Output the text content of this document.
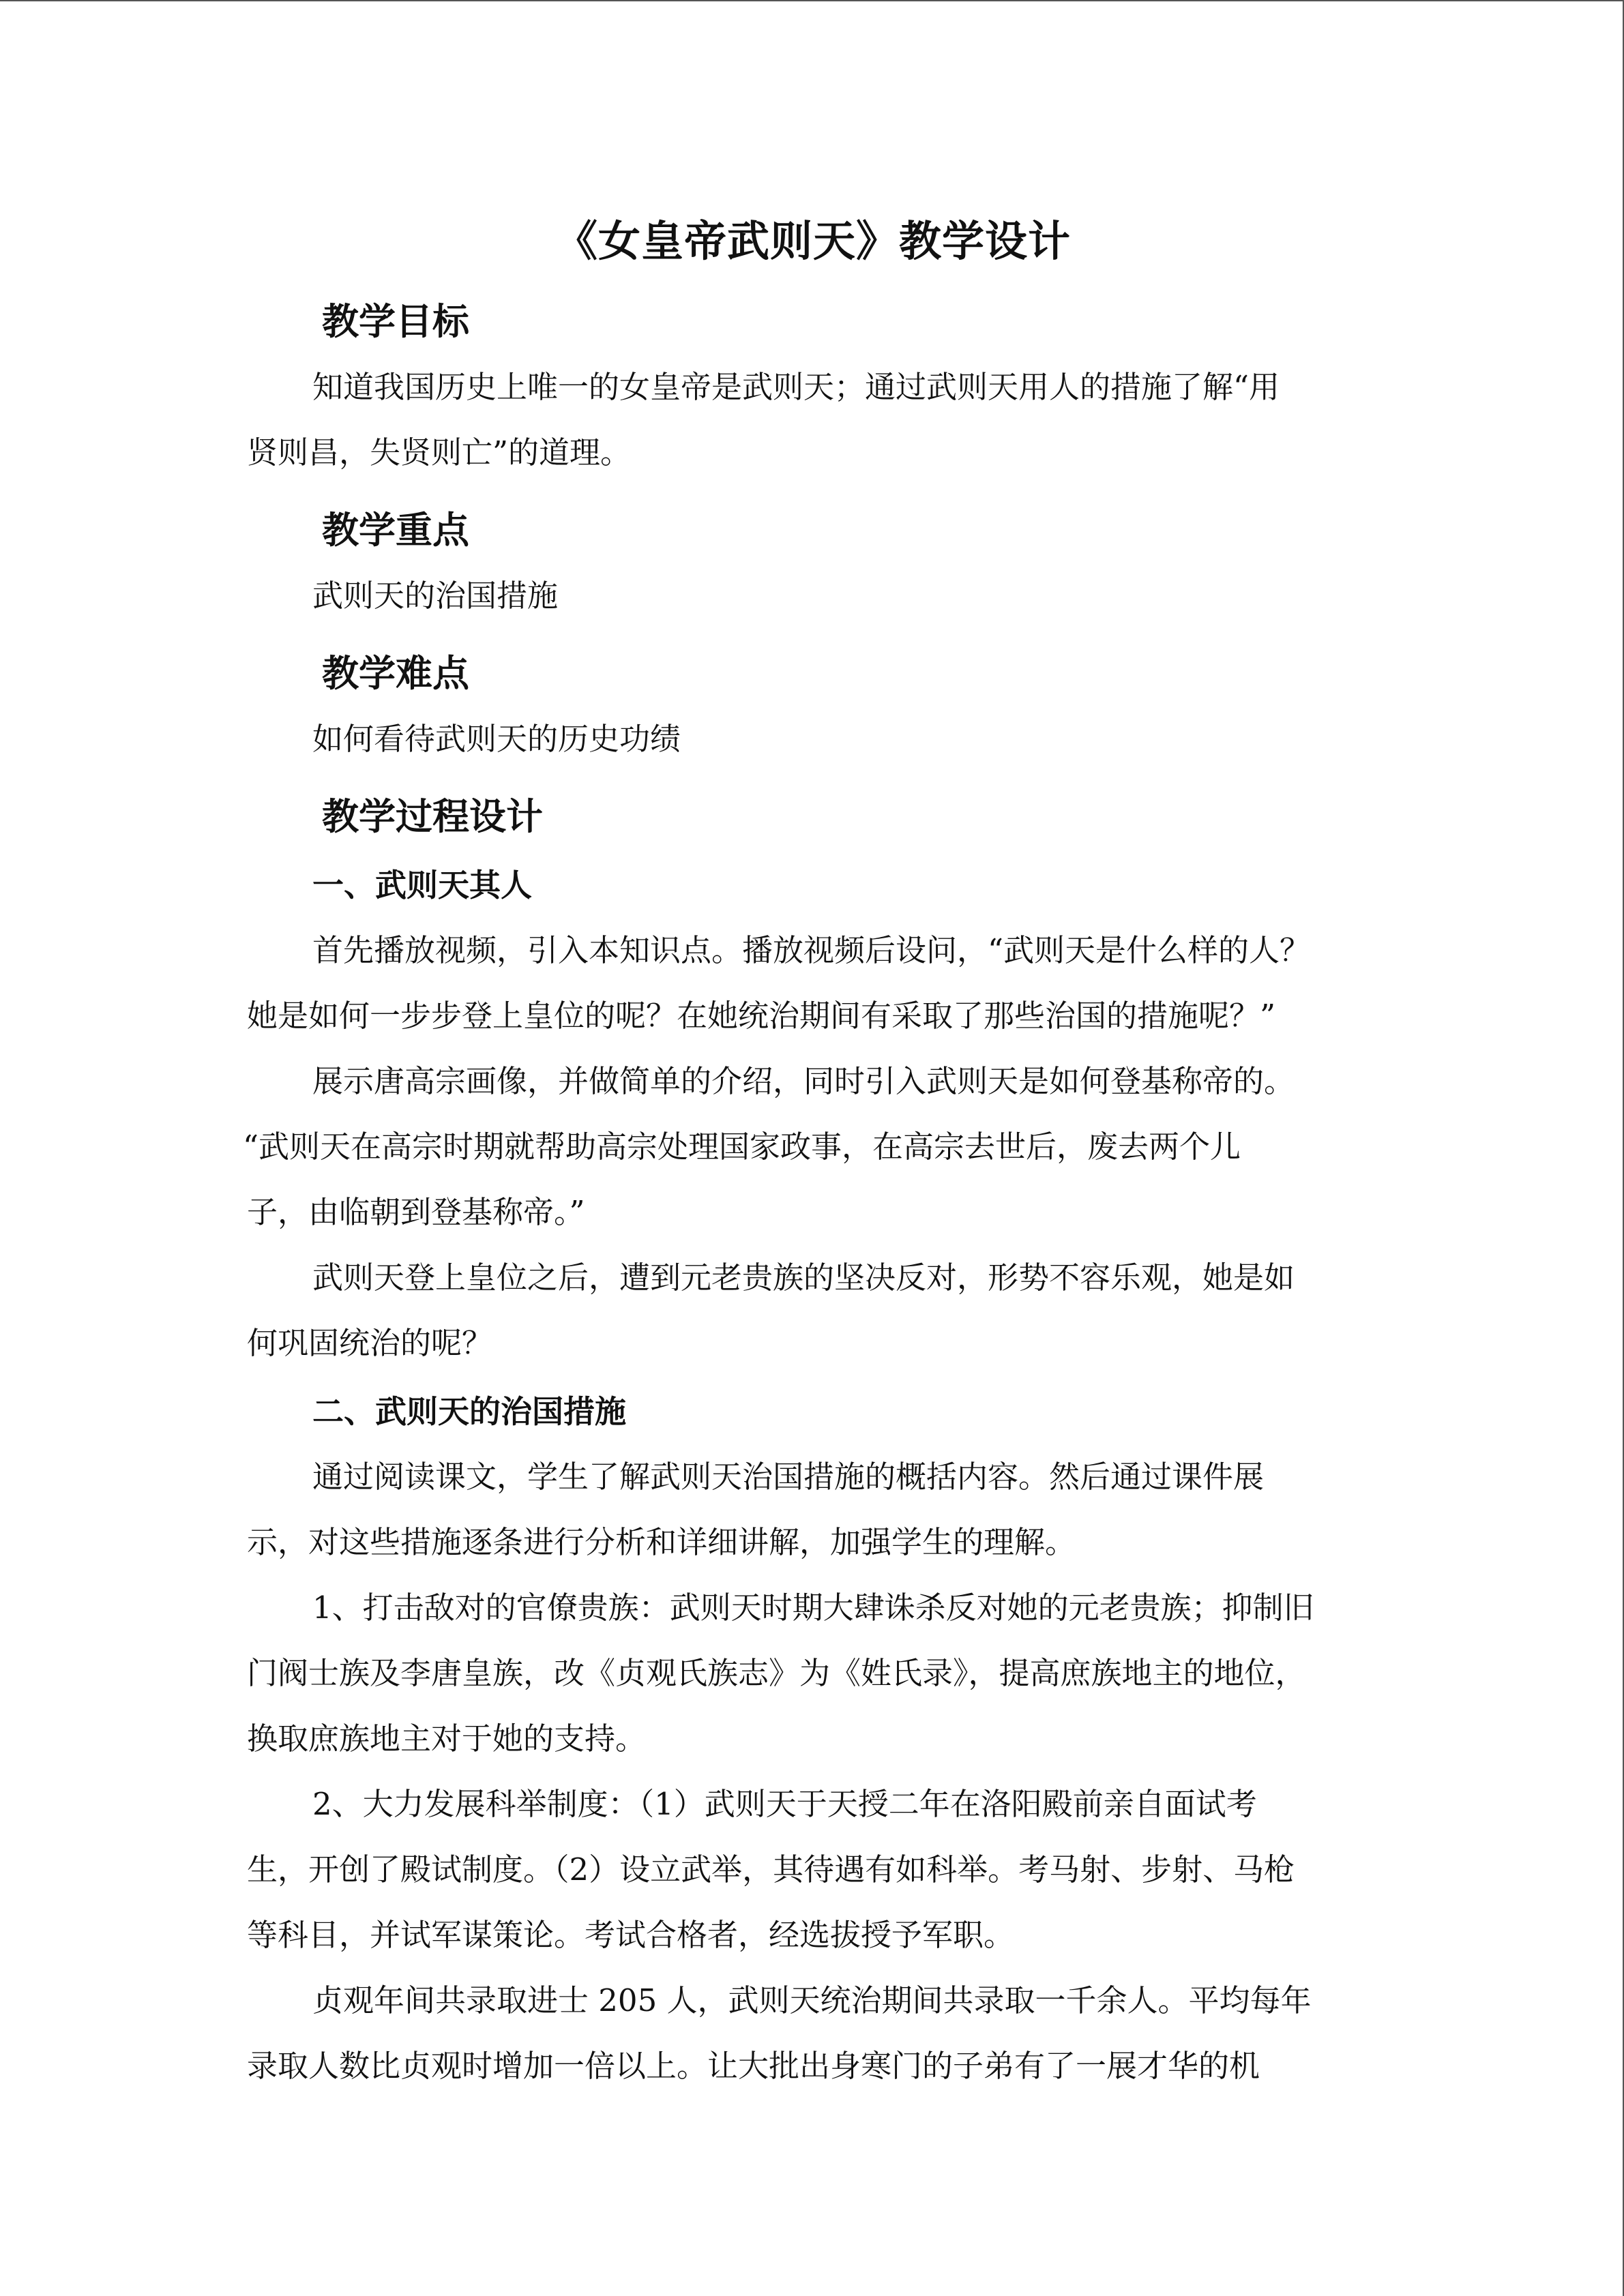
《女皇帝武则天》教学设计
教学目标
知道我国历史上唯一的女皇帝是武则天；通过武则天用人的措施了解“用
贤则昌，失贤则亡”的道理。
教学重点
武则天的治国措施
教学难点
如何看待武则天的历史功绩
教学过程设计
一、武则天其人
首先播放视频，引入本知识点。播放视频后设问，“武则天是什么样的人？
她是如何一步步登上皇位的呢？在她统治期间有采取了那些治国的措施呢？”
展示唐高宗画像，并做简单的介绍，同时引入武则天是如何登基称帝的。
“武则天在高宗时期就帮助高宗处理国家政事，在高宗去世后，废去两个儿
子，由临朝到登基称帝。”
武则天登上皇位之后，遭到元老贵族的坚决反对，形势不容乐观，她是如
何巩固统治的呢？
二、武则天的治国措施
通过阅读课文，学生了解武则天治国措施的概括内容。然后通过课件展
示，对这些措施逐条进行分析和详细讲解，加强学生的理解。
1、打击敌对的官僚贵族：武则天时期大肆诛杀反对她的元老贵族；抑制旧
门阀士族及李唐皇族，改《贞观氏族志》为《姓氏录》，提高庶族地主的地位，
换取庶族地主对于她的支持。
2、大力发展科举制度：（1）武则天于天授二年在洛阳殿前亲自面试考
生，开创了殿试制度。（2）设立武举，其待遇有如科举。考马射、步射、马枪
等科目，并试军谋策论。考试合格者，经选拔授予军职。
贞观年间共录取进士 205 人，武则天统治期间共录取一千余人。平均每年
录取人数比贞观时增加一倍以上。让大批出身寒门的子弟有了一展才华的机
